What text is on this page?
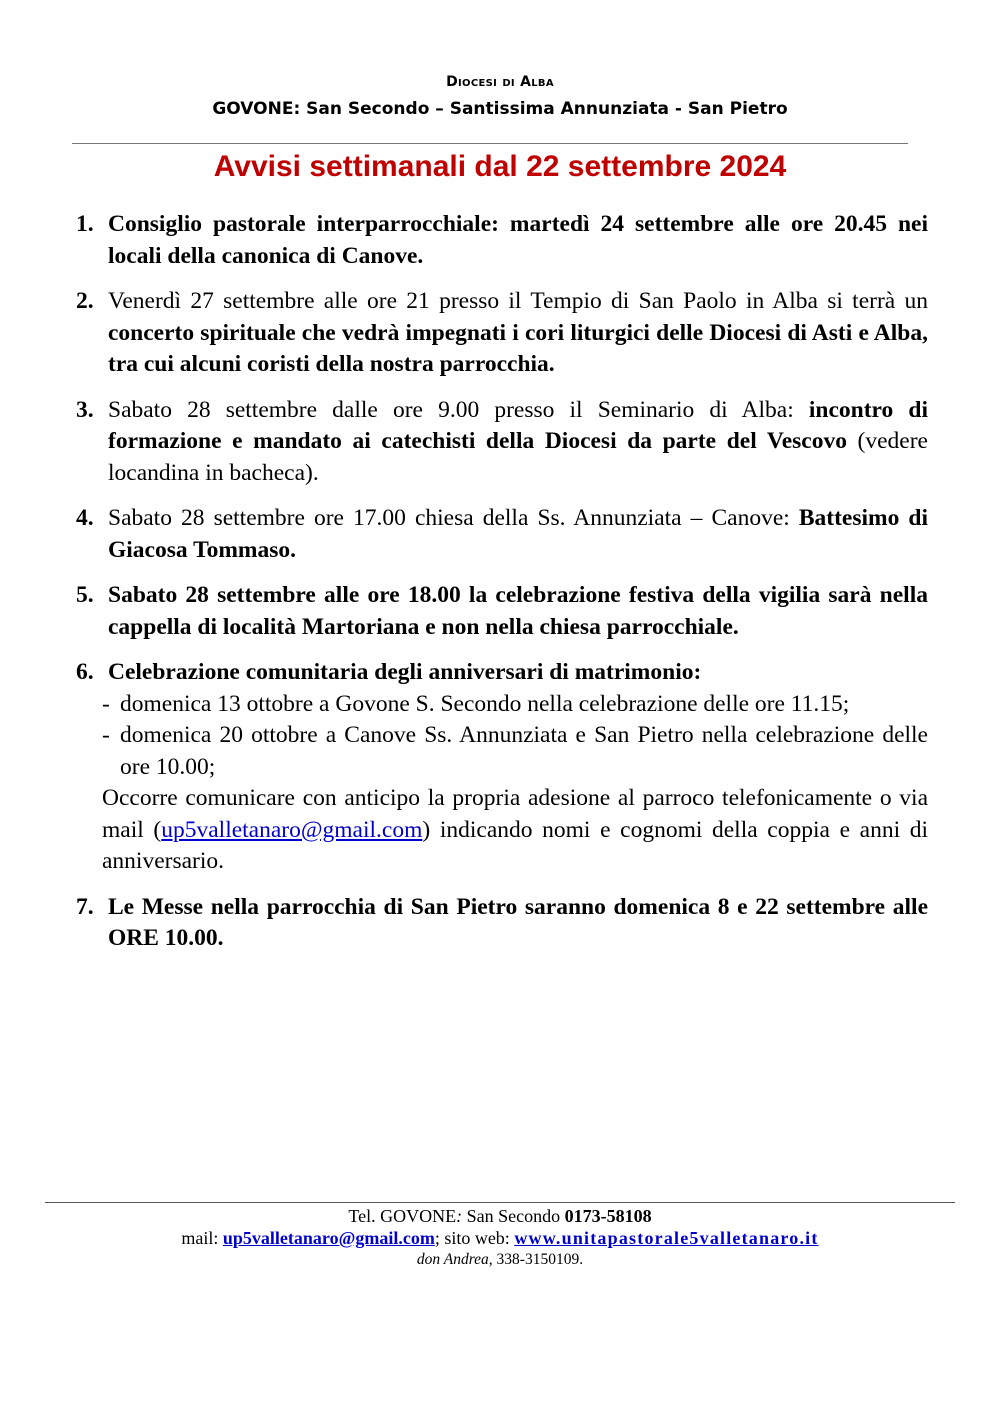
Diocesi di Alba
GOVONE: San Secondo – Santissima Annunziata - San Pietro
Avvisi settimanali dal 22 settembre 2024
1. Consiglio pastorale interparrocchiale: martedì 24 settembre alle ore 20.45 nei locali della canonica di Canove.
2. Venerdì 27 settembre alle ore 21 presso il Tempio di San Paolo in Alba si terrà un concerto spirituale che vedrà impegnati i cori liturgici delle Diocesi di Asti e Alba, tra cui alcuni coristi della nostra parrocchia.
3. Sabato 28 settembre dalle ore 9.00 presso il Seminario di Alba: incontro di formazione e mandato ai catechisti della Diocesi da parte del Vescovo (vedere locandina in bacheca).
4. Sabato 28 settembre ore 17.00 chiesa della Ss. Annunziata – Canove: Battesimo di Giacosa Tommaso.
5. Sabato 28 settembre alle ore 18.00 la celebrazione festiva della vigilia sarà nella cappella di località Martoriana e non nella chiesa parrocchiale.
6. Celebrazione comunitaria degli anniversari di matrimonio:
- domenica 13 ottobre a Govone S. Secondo nella celebrazione delle ore 11.15;
- domenica 20 ottobre a Canove Ss. Annunziata e San Pietro nella celebrazione delle ore 10.00;
Occorre comunicare con anticipo la propria adesione al parroco telefonicamente o via mail (up5valletanaro@gmail.com) indicando nomi e cognomi della coppia e anni di anniversario.
7. Le Messe nella parrocchia di San Pietro saranno domenica 8 e 22 settembre alle ORE 10.00.
Tel. GOVONE: San Secondo 0173-58108
mail: up5valletanaro@gmail.com; sito web: www.unitapastorale5valletanaro.it
don Andrea, 338-3150109.
